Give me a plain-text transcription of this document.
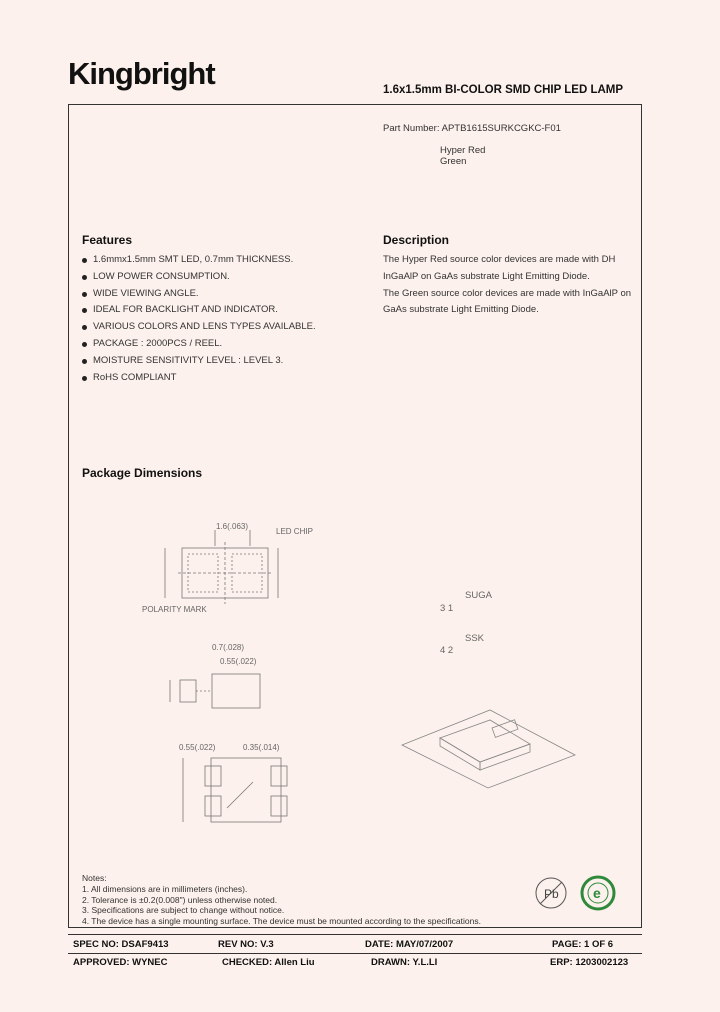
Kingbright	1.6x1.5mm BI-COLOR SMD CHIP LED LAMP
Part Number: APTB1615SURKCGKC-F01
Hyper Red
Green
Features
1.6mmx1.5mm SMT LED, 0.7mm THICKNESS.
LOW POWER CONSUMPTION.
WIDE VIEWING ANGLE.
IDEAL FOR BACKLIGHT AND INDICATOR.
VARIOUS COLORS AND LENS TYPES AVAILABLE.
PACKAGE : 2000PCS / REEL.
MOISTURE SENSITIVITY LEVEL : LEVEL 3.
RoHS COMPLIANT
Description
The Hyper Red source color devices are made with DH
InGaAlP on GaAs substrate Light Emitting Diode.
The Green source color devices are made with InGaAlP on
GaAs substrate Light Emitting Diode.
Package Dimensions
1.6(.063)
LED CHIP
POLARITY MARK
0.7(.028)
0.55(.022)
0.55(.022)	0.35(.014)
SUGA
3 1
SSK
4 2
Notes:
1. All dimensions are in millimeters (inches).
2. Tolerance is ±0.2(0.008") unless otherwise noted.
3. Specifications are subject to change without notice.
4. The device has a single mounting surface. The device must be mounted according to the specifications.
Pb e
SPEC NO: DSAF9413	REV NO: V.3	DATE: MAY/07/2007	PAGE: 1 OF 6
APPROVED: WYNEC	CHECKED: Allen Liu	DRAWN: Y.L.LI	ERP: 1203002123
